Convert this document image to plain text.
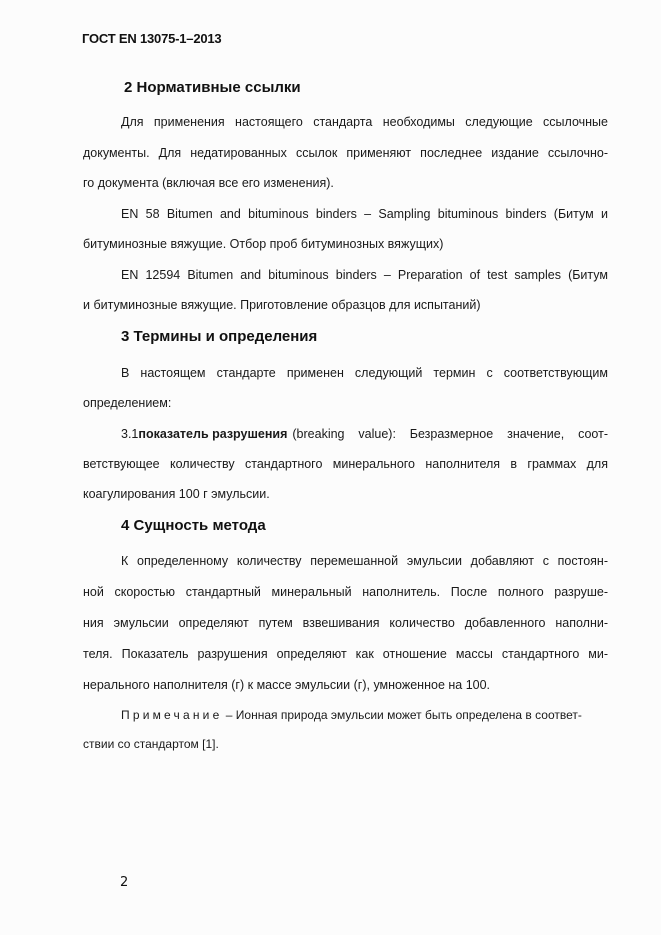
ГОСТ EN 13075-1–2013
2 Нормативные ссылки
Для применения настоящего стандарта необходимы следующие ссылочные
документы. Для недатированных ссылок применяют последнее издание ссылочно-
го документа (включая все его изменения).
EN 58 Bitumen and bituminous binders – Sampling bituminous binders (Битум и
битуминозные вяжущие. Отбор проб битуминозных вяжущих)
EN 12594 Bitumen and bituminous binders – Preparation of test samples (Битум
и битуминозные вяжущие. Приготовление образцов для испытаний)
3 Термины и определения
В настоящем стандарте применен следующий термин с соответствующим
определением:
3.1 показатель разрушения (breaking value): Безразмерное значение, соот-
ветствующее количеству стандартного минерального наполнителя в граммах для
коагулирования 100 г эмульсии.
4 Сущность метода
К определенному количеству перемешанной эмульсии добавляют с постоян-
ной скоростью стандартный минеральный наполнитель. После полного разруше-
ния эмульсии определяют путем взвешивания количество добавленного наполни-
теля. Показатель разрушения определяют как отношение массы стандартного ми-
нерального наполнителя (г) к массе эмульсии (г), умноженное на 100.
Примечание – Ионная природа эмульсии может быть определена в соответ-
ствии со стандартом [1].
2
